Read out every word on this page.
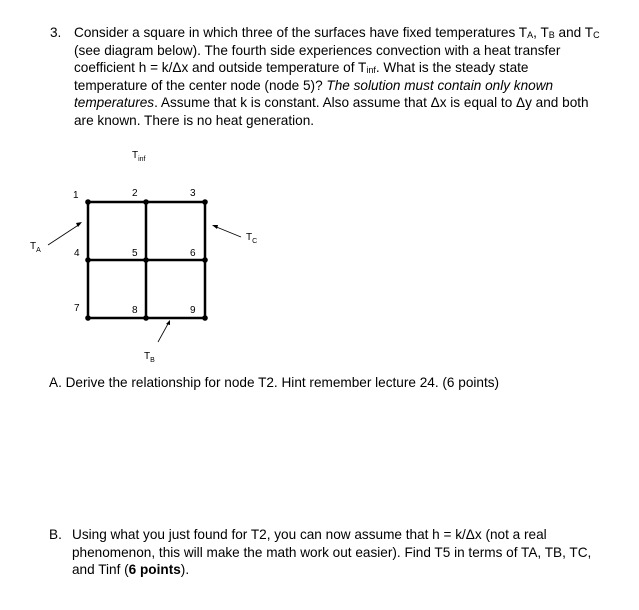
3. Consider a square in which three of the surfaces have fixed temperatures $T_A$, $T_B$ and $T_C$
(see diagram below). The fourth side experiences convection with a heat transfer
coefficient h = k/Δx and outside temperature of $T_{inf}$. What is the steady state
temperature of the center node (node 5)? The solution must contain only known
temperatures. Assume that k is constant. Also assume that Δx is equal to Δy and both
are known. There is no heat generation.
1	2	3
4	5	6
7	8	9
$T_{inf}$
$T_A$
$T_C$
$T_B$
A. Derive the relationship for node T2. Hint remember lecture 24. (6 points)
B. Using what you just found for T2, you can now assume that h = k/Δx (not a real
phenomenon, this will make the math work out easier). Find T5 in terms of TA, TB, TC,
and Tinf (6 points).
